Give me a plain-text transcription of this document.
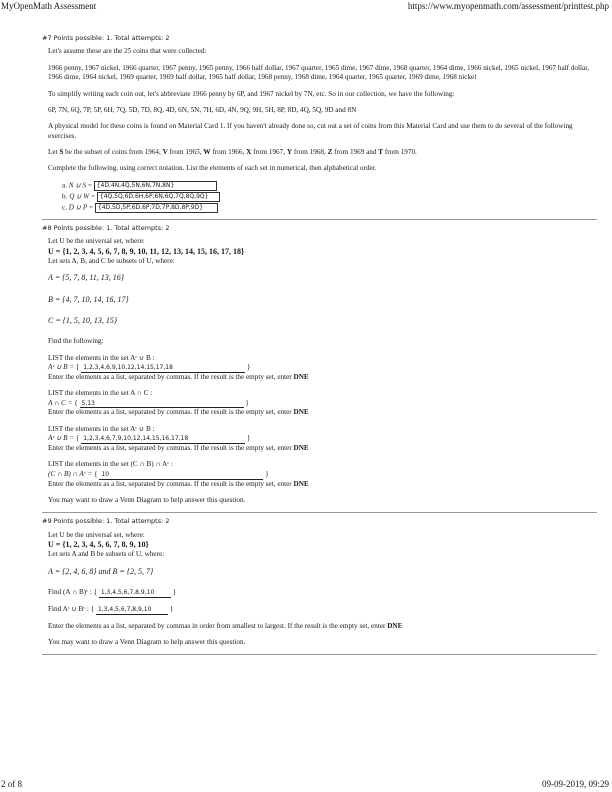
MyOpenMath Assessment	https://www.myopenmath.com/assessment/printtest.php
#7 Points possible: 1. Total attempts: 2

Let's assume these are the 25 coins that were collected:

1966 penny, 1967 nickel, 1966 quarter, 1967 penny, 1965 penny, 1966 half dollar, 1967 quarter, 1965 dime, 1967 dime, 1968 quarter, 1964 dime, 1966 nickel, 1965 nickel, 1967 half dollar, 1966 dime, 1964 nickel, 1969 quarter, 1969 half dollar, 1965 half dollar, 1968 penny, 1968 dime, 1964 quarter, 1965 quarter, 1969 dime, 1968 nickel

To simplify writing each coin out, let's abbreviate 1966 penny by 6P, and 1967 nickel by 7N, etc. So in our collection, we have the following:

6P, 7N, 6Q, 7P, 5P, 6H, 7Q, 5D, 7D, 8Q, 4D, 6N, 5N, 7H, 6D, 4N, 9Q, 9H, 5H, 8P, 8D, 4Q, 5Q, 9D and 8N

A physical model for these coins is found on Material Card 1. If you haven't already done so, cut out a set of coins from this Material Card and use them to do several of the following exercises.

Let S be the subset of coins from 1964, V from 1965, W from 1966, X from 1967, Y from 1968, Z from 1969 and T from 1970.

Complete the following, using correct notation. List the elements of each set in numerical, then alphabetical order.

a. N ∪ S = {4D,4N,4Q,5N,6N,7N,8N}
b. Q ∪ W = {4Q,5Q,6D,6H,6P,6N,6Q,7Q,8Q,9Q}
c. D ∪ P = {4D,5D,5P,6D,6P,7D,7P,8D,8P,9D}
#8 Points possible: 1. Total attempts: 2
Let U be the universal set, where:
U = {1, 2, 3, 4, 5, 6, 7, 8, 9, 10, 11, 12, 13, 14, 15, 16, 17, 18}

Let sets A, B, and C be subsets of U, where:

A = {5, 7, 8, 11, 13, 16}
B = {4, 7, 10, 14, 16, 17}
C = {1, 5, 10, 13, 15}

Find the following:

LIST the elements in the set Aᶜ ∪ B :
Aᶜ ∪ B = { 1,2,3,4,6,9,10,12,14,15,17,18	}
Enter the elements as a list, separated by commas. If the result is the empty set, enter DNE
LIST the elements in the set A ∩ C :
A ∩ C = { 5,13	}
Enter the elements as a list, separated by commas. If the result is the empty set, enter DNE
LIST the elements in the set Aᶜ ∪ B :
Aᶜ ∪ B = { 1,2,3,4,6,7,9,10,12,14,15,16,17,18	}
Enter the elements as a list, separated by commas. If the result is the empty set, enter DNE
LIST the elements in the set (C ∩ B) ∩ Aᶜ :
(C ∩ B) ∩ Aᶜ = { 10	}
Enter the elements as a list, separated by commas. If the result is the empty set, enter DNE

You may want to draw a Venn Diagram to help answer this question.

#9 Points possible: 1. Total attempts: 2
Let U be the universal set, where:
U = {1, 2, 3, 4, 5, 6, 7, 8, 9, 10}

Let sets A and B be subsets of U, where:

A = {2, 4, 6, 8} and B = {2, 5, 7}

Find (A ∩ B)ᶜ : { 1,3,4,5,6,7,8,9,10 }

Find Aᶜ ∪ Bᶜ : { 1,3,4,5,6,7,8,9,10 }

Enter the elements as a list, separated by commas in order from smallest to largest. If the result is the empty set, enter DNE

You may want to draw a Venn Diagram to help answer this question.

2 of 8	09-09-2019, 09:29
